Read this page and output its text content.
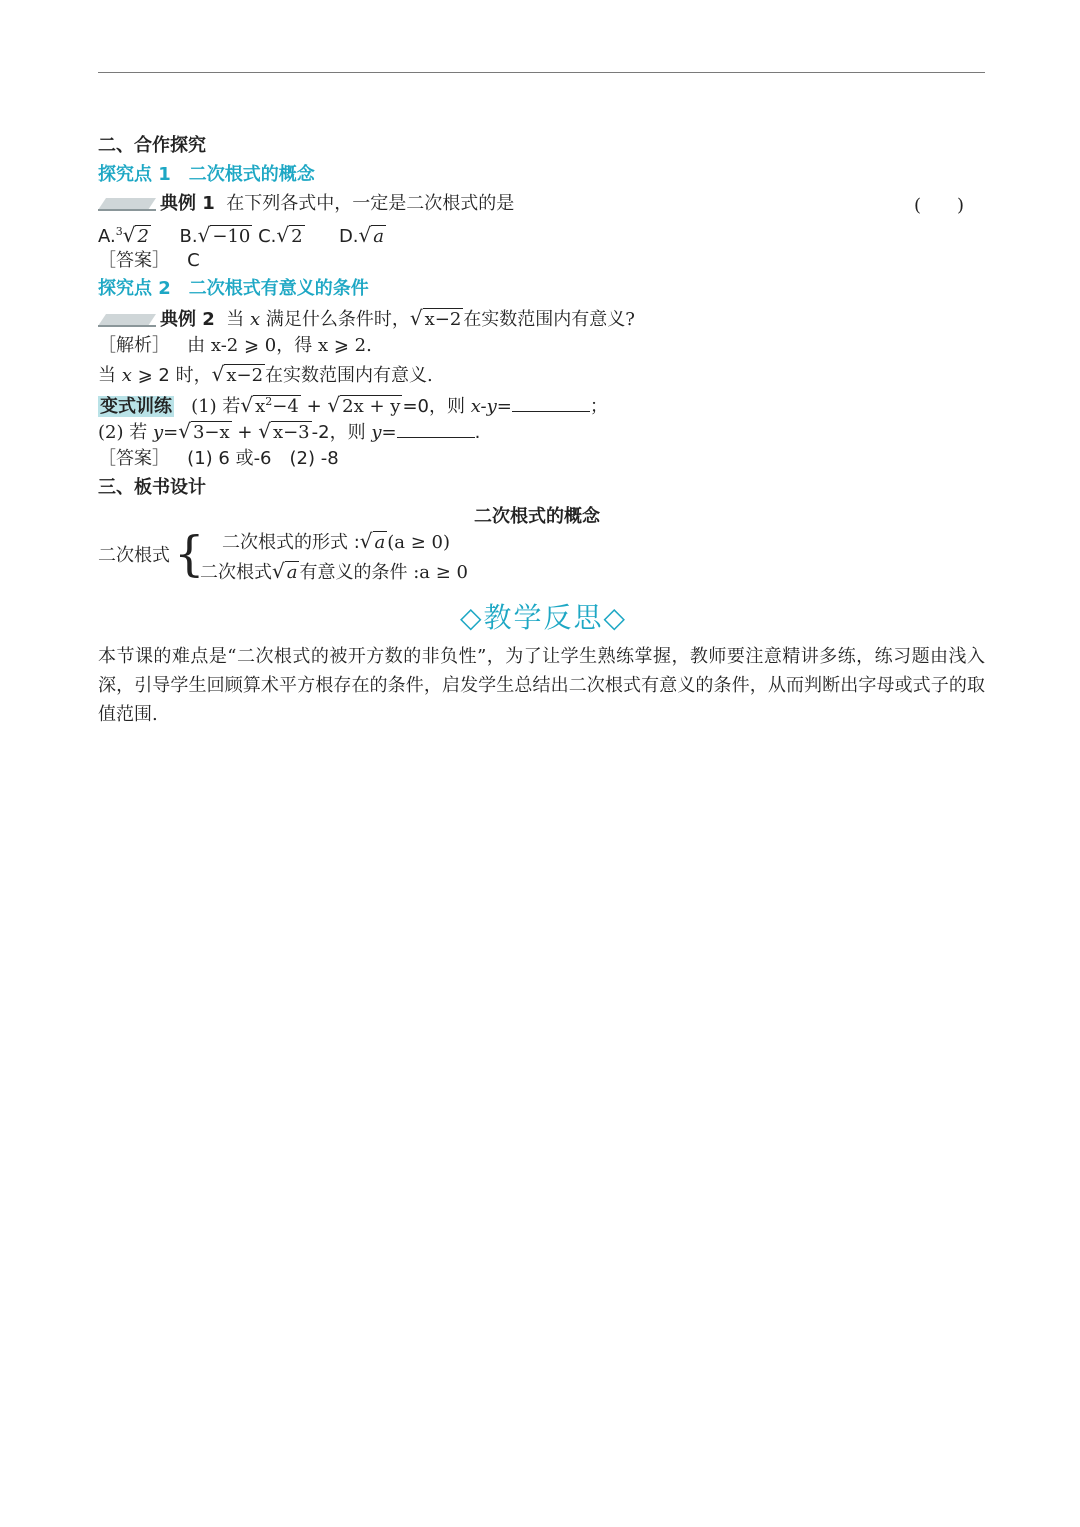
二、合作探究
探究点 1　二次根式的概念
典例 1 在下列各式中，一定是二次根式的是	(　　)
A.$^3$√ 2 B.√ −10 C.√ 2 D.√ a
［答案］ C
探究点 2　二次根式有意义的条件
典例 2 当 x 满足什么条件时，√ x−2 在实数范围内有意义?
［解析］ 由 x-2 ⩾ 0，得 x ⩾ 2.
当 x ⩾ 2 时，√ x−2 在实数范围内有意义.
变式训练 (1) 若√ $x^2-4$ + √ 2x + y =0，则 x-y=	；
(2) 若 y=√ 3−x + √ x−3 -2，则 y=	.
［答案］ (1) 6 或-6　(2) -8
三、板书设计
二次根式的概念
二次根式 { 二次根式的形式 :√ a (a ≥ 0)
二次根式√ a 有意义的条件 :a ≥ 0
◇教学反思◇
本节课的难点是“二次根式的被开方数的非负性”，为了让学生熟练掌握，教师要注意精讲多练，练习题由浅入深，引导学生回顾算术平方根存在的条件，启发学生总结出二次根式有意义的条件，从而判断出字母或式子的取值范围.
